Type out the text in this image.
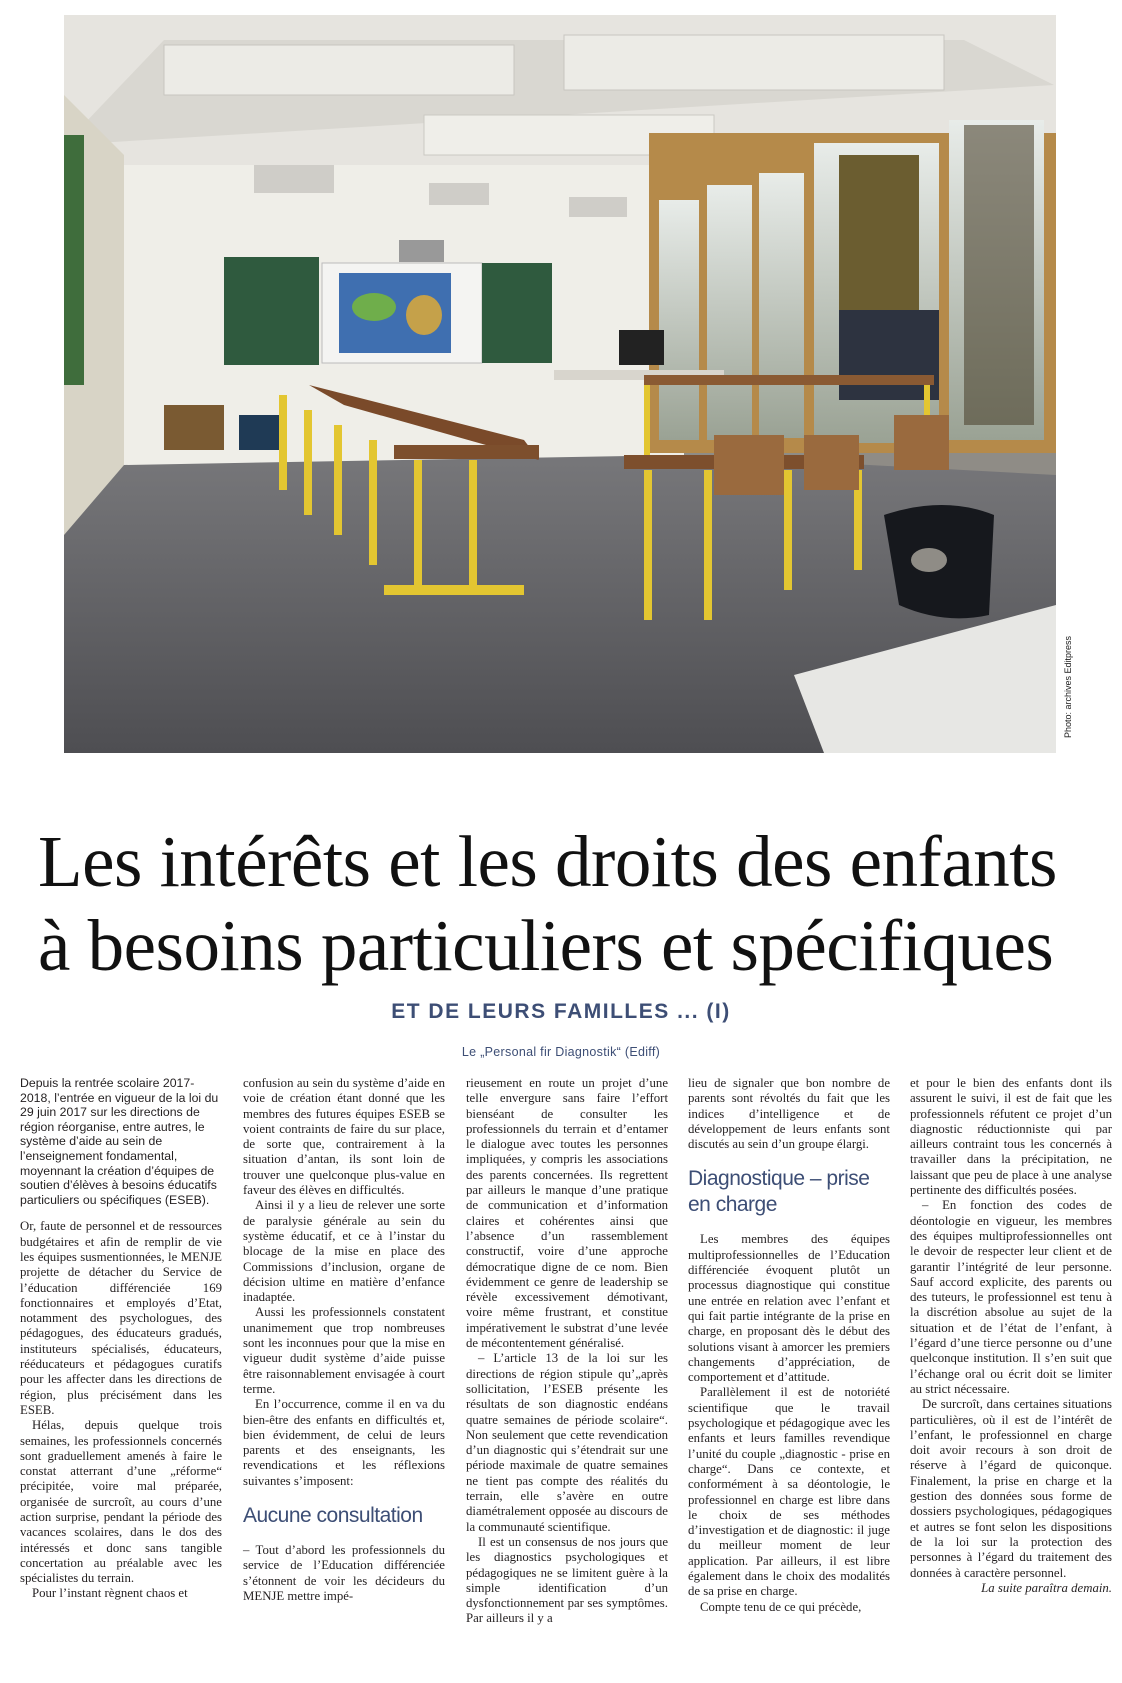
Photo: archives Editpress
Les intérêts et les droits des enfants
à besoins particuliers et spécifiques
ET DE LEURS FAMILLES ... (I)
Le „Personal fir Diagnostik“ (Ediff)

Depuis la rentrée scolaire 2017-2018, l’entrée en vigueur de la loi du 29 juin 2017 sur les directions de région réorganise, entre autres, le système d’aide au sein de l’enseignement fondamental, moyennant la création d’équipes de soutien d’élèves à besoins éducatifs particuliers ou spécifiques (ESEB).

Or, faute de personnel et de ressources budgétaires et afin de remplir de vie les équipes susmentionnées, le MENJE projette de détacher du Service de l’éducation différenciée 169 fonctionnaires et employés d’Etat, notamment des psychologues, des pédagogues, des éducateurs gradués, instituteurs spécialisés, éducateurs, rééducateurs et pédagogues curatifs pour les affecter dans les directions de région, plus précisément dans les ESEB.

Hélas, depuis quelque trois semaines, les professionnels concernés sont graduellement amenés à faire le constat atterrant d’une „réforme“ précipitée, voire mal préparée, organisée de surcroît, au cours d’une action surprise, pendant la période des vacances scolaires, dans le dos des intéressés et donc sans tangible concertation au préalable avec les spécialistes du terrain.

Pour l’instant règnent chaos et

confusion au sein du système d’aide en voie de création étant donné que les membres des futures équipes ESEB se voient contraints de faire du sur place, de sorte que, contrairement à la situation d’antan, ils sont loin de trouver une quelconque plus-value en faveur des élèves en difficultés.

Ainsi il y a lieu de relever une sorte de paralysie générale au sein du système éducatif, et ce à l’instar du blocage de la mise en place des Commissions d’inclusion, organe de décision ultime en matière d’enfance inadaptée.

Aussi les professionnels constatent unanimement que trop nombreuses sont les inconnues pour que la mise en vigueur dudit système d’aide puisse être raisonnablement envisagée à court terme.

En l’occurrence, comme il en va du bien-être des enfants en difficultés et, bien évidemment, de celui de leurs parents et des enseignants, les revendications et les réflexions suivantes s’imposent:

Aucune consultation

– Tout d’abord les professionnels du service de l’Education différenciée s’étonnent de voir les décideurs du MENJE mettre impé-

rieusement en route un projet d’une telle envergure sans faire l’effort bienséant de consulter les professionnels du terrain et d’entamer le dialogue avec toutes les personnes impliquées, y compris les associations des parents concernées. Ils regrettent par ailleurs le manque d’une pratique de communication et d’information claires et cohérentes ainsi que l’absence d’un rassemblement constructif, voire d’une approche démocratique digne de ce nom. Bien évidemment ce genre de leadership se révèle excessivement démotivant, voire même frustrant, et constitue impérativement le substrat d’une levée de mécontentement généralisé.

– L’article 13 de la loi sur les directions de région stipule qu’„après sollicitation, l’ESEB présente les résultats de son diagnostic endéans quatre semaines de période scolaire“. Non seulement que cette revendication d’un diagnostic qui s’étendrait sur une période maximale de quatre semaines ne tient pas compte des réalités du terrain, elle s’avère en outre diamétralement opposée au discours de la communauté scientifique.

Il est un consensus de nos jours que les diagnostics psychologiques et pédagogiques ne se limitent guère à la simple identification d’un dysfonctionnement par ses symptômes. Par ailleurs il y a

lieu de signaler que bon nombre de parents sont révoltés du fait que les indices d’intelligence et de développement de leurs enfants sont discutés au sein d’un groupe élargi.

Diagnostique – prise en charge

Les membres des équipes multiprofessionnelles de l’Education différenciée évoquent plutôt un processus diagnostique qui constitue une entrée en relation avec l’enfant et qui fait partie intégrante de la prise en charge, en proposant dès le début des solutions visant à amorcer les premiers changements d’appréciation, de comportement et d’attitude.

Parallèlement il est de notoriété scientifique que le travail psychologique et pédagogique avec les enfants et leurs familles revendique l’unité du couple „diagnostic - prise en charge“. Dans ce contexte, et conformément à sa déontologie, le professionnel en charge est libre dans le choix de ses méthodes d’investigation et de diagnostic: il juge du meilleur moment de leur application. Par ailleurs, il est libre également dans le choix des modalités de sa prise en charge.

Compte tenu de ce qui précède,

et pour le bien des enfants dont ils assurent le suivi, il est de fait que les professionnels réfutent ce projet d’un diagnostic réductionniste qui par ailleurs contraint tous les concernés à travailler dans la précipitation, ne laissant que peu de place à une analyse pertinente des difficultés posées.

– En fonction des codes de déontologie en vigueur, les membres des équipes multiprofessionnelles ont le devoir de respecter leur client et de garantir l’intégrité de leur personne. Sauf accord explicite, des parents ou des tuteurs, le professionnel est tenu à la discrétion absolue au sujet de la situation et de l’état de l’enfant, à l’égard d’une tierce personne ou d’une quelconque institution. Il s’en suit que l’échange oral ou écrit doit se limiter au strict nécessaire.

De surcroît, dans certaines situations particulières, où il est de l’intérêt de l’enfant, le professionnel en charge doit avoir recours à son droit de réserve à l’égard de quiconque. Finalement, la prise en charge et la gestion des données sous forme de dossiers psychologiques, pédagogiques et autres se font selon les dispositions de la loi sur la protection des personnes à l’égard du traitement des données à caractère personnel.

La suite paraîtra demain.
